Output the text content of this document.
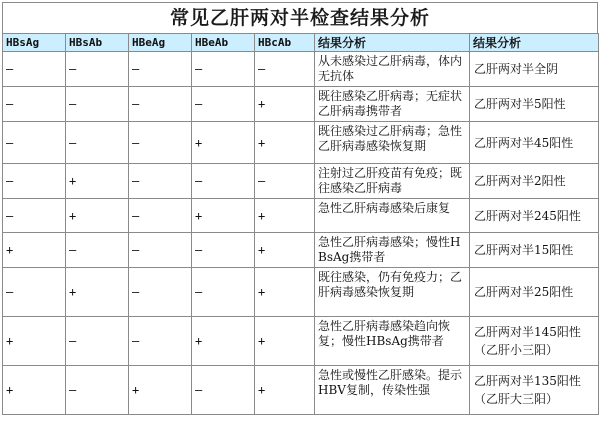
常见乙肝两对半检查结果分析
HBsAg	HBsAb	HBeAg	HBeAb	HBcAb	结果分析	结果分析
–	–	–	–	–	从未感染过乙肝病毒，体内无抗体	乙肝两对半全阴
–	–	–	–	+	既往感染乙肝病毒；无症状乙肝病毒携带者	乙肝两对半5阳性
–	–	–	+	+	既往感染过乙肝病毒；急性乙肝病毒感染恢复期	乙肝两对半45阳性
–	+	–	–	–	注射过乙肝疫苗有免疫；既往感染乙肝病毒	乙肝两对半2阳性
–	+	–	+	+	急性乙肝病毒感染后康复	乙肝两对半245阳性
+	–	–	–	+	急性乙肝病毒感染；慢性HBsAg携带者	乙肝两对半15阳性
–	+	–	–	+	既往感染，仍有免疫力；乙肝病毒感染恢复期	乙肝两对半25阳性
+	–	–	+	+	急性乙肝病毒感染趋向恢复；慢性HBsAg携带者	乙肝两对半145阳性（乙肝小三阳）
+	–	+	–	+	急性或慢性乙肝感染。提示HBV复制，传染性强	乙肝两对半135阳性（乙肝大三阳）
